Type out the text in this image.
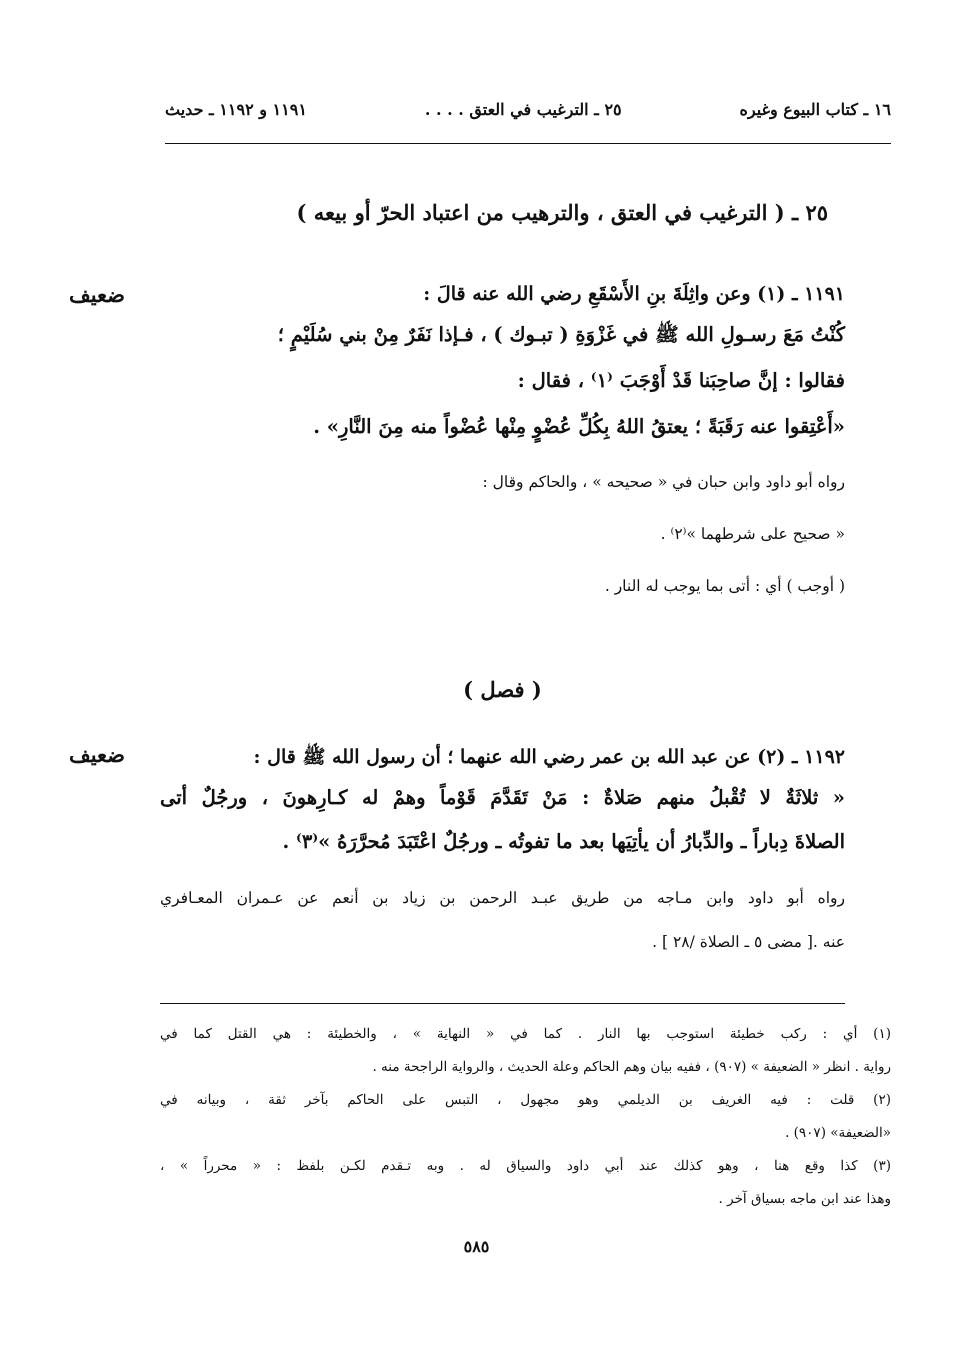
١٦ ـ كتاب البيوع وغيره
٢٥ ـ الترغيب في العتق . . . .
١١٩١ و ١١٩٢ ـ حديث
٢٥ ـ ( الترغيب في العتق ، والترهيب من اعتباد الحرّ أو بيعه )
ضعيف	١١٩١ ـ (١) وعن واثِلَةَ بنِ الأَسْقَعِ رضي الله عنه قالَ :
كُنْتُ مَعَ رسـولِ الله ﷺ في غَزْوَةِ ( تبـوك ) ، فـإذا نَفَرٌ مِنْ بني سُلَيْمٍ ؛
فقالوا : إنَّ صاحِبَنا قَدْ أَوْجَبَ ⁽١⁾ ، فقال :
«أَعْتِقوا عنه رَقَبَةً ؛ يعتقُ اللهُ بِكُلِّ عُضْوٍ مِنْها عُضْواً منه مِنَ النَّارِ» .
رواه أبو داود وابن حبان في « صحيحه » ، والحاكم وقال :
« صحيح على شرطهما »⁽٢⁾ .
( أوجب ) أي : أتى بما يوجب له النار .
( فصل )
ضعيف	١١٩٢ ـ (٢) عن عبد الله بن عمر رضي الله عنهما ؛ أن رسول الله ﷺ قال :
« ثلاثَةٌ لا تُقْبلُ منهم صَلاةٌ : مَنْ تَقَدَّمَ قَوْماً وهمْ له كـارِهونَ ، ورجُلٌ أتى
الصلاةَ دِباراً ـ والدِّبارُ أن يأتِيَها بعد ما تفوتُه ـ ورجُلٌ اعْتَبَدَ مُحرَّرَهُ »⁽٣⁾ .
رواه أبو داود وابن مـاجه من طريق عبـد الرحمن بن زياد بن أنعم عن عـمران المعـافري
عنه .[ مضى ٥ ـ الصلاة /٢٨ ] .
(١) أي : ركب خطيئة استوجب بها النار . كما في « النهاية » ، والخطيئة : هي القتل كما في
رواية . انظر « الضعيفة » (٩٠٧) ، ففيه بيان وهم الحاكم وعلة الحديث ، والرواية الراجحة منه .
(٢) قلت : فيه الغريف بن الديلمي وهو مجهول ، التبس على الحاكم بآخر ثقة ، وبيانه في
«الضعيفة» (٩٠٧) .
(٣) كذا وقع هنا ، وهو كذلك عند أبي داود والسياق له . وبه تـقدم لكـن بلفظ : « محرراً » ،
وهذا عند ابن ماجه بسياق آخر .
٥٨٥
